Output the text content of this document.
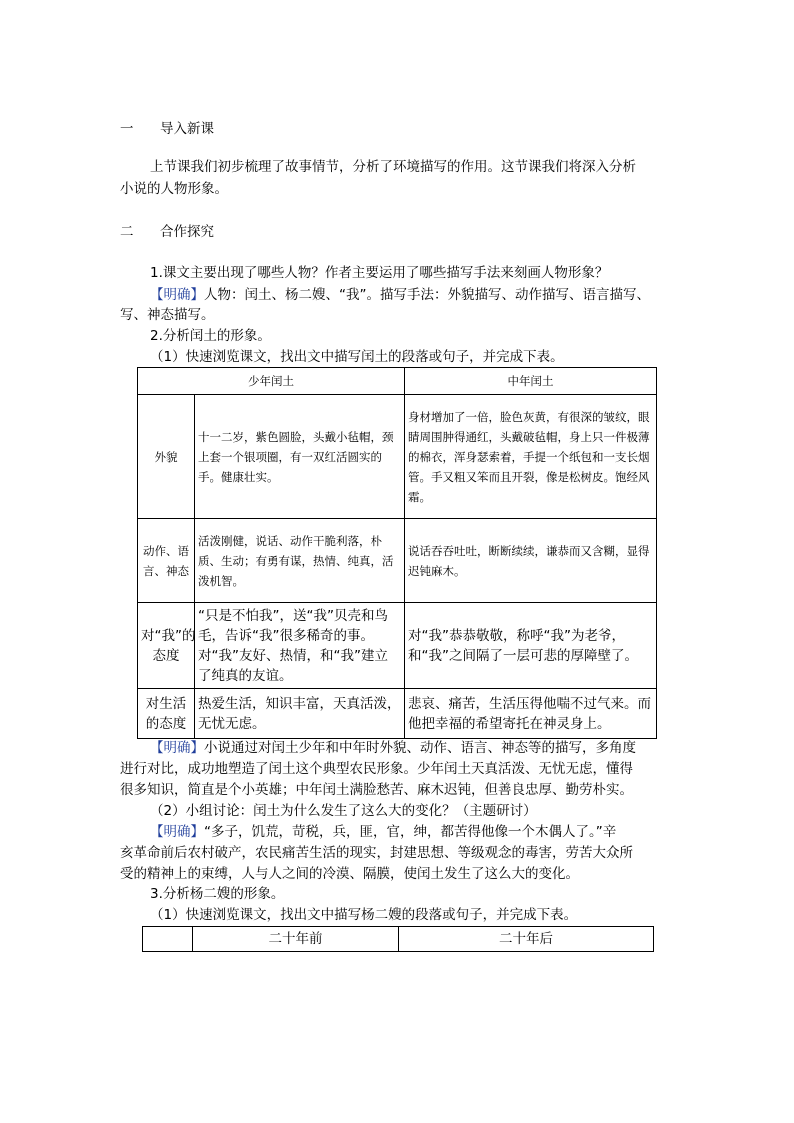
一 导入新课
上节课我们初步梳理了故事情节，分析了环境描写的作用。这节课我们将深入分析
小说的人物形象。
二 合作探究
1.课文主要出现了哪些人物？作者主要运用了哪些描写手法来刻画人物形象？
【明确】人物：闰土、杨二嫂、“我”。描写手法：外貌描写、动作描写、语言描写、
写、神态描写。
2.分析闰土的形象。
（1）快速浏览课文，找出文中描写闰土的段落或句子，并完成下表。
少年闰土		中年闰土
外貌	十一二岁，紫色圆脸，头戴小毡帽，颈上套一个银项圈，有一双红活圆实的手。健康壮实。	身材增加了一倍，脸色灰黄，有很深的皱纹，眼睛周围肿得通红，头戴破毡帽，身上只一件极薄的棉衣，浑身瑟索着，手提一个纸包和一支长烟管。手又粗又笨而且开裂，像是松树皮。饱经风霜。
动作、语言、神态	活泼刚健，说话、动作干脆利落，朴质、生动；有勇有谋，热情、纯真，活泼机智。	说话吞吞吐吐，断断续续，谦恭而又含糊，显得迟钝麻木。
对“我”的态度	“只是不怕我”，送“我”贝壳和鸟毛，告诉“我”很多稀奇的事。对“我”友好、热情，和“我”建立了纯真的友谊。	对“我”恭恭敬敬，称呼“我”为老爷，和“我”之间隔了一层可悲的厚障壁了。
对生活的态度	热爱生活，知识丰富，天真活泼，无忧无虑。	悲哀、痛苦，生活压得他喘不过气来。而他把幸福的希望寄托在神灵身上。
【明确】小说通过对闰土少年和中年时外貌、动作、语言、神态等的描写，多角度
进行对比，成功地塑造了闰土这个典型农民形象。少年闰土天真活泼、无忧无虑，懂得
很多知识，简直是个小英雄；中年闰土满脸愁苦、麻木迟钝，但善良忠厚、勤劳朴实。
（2）小组讨论：闰土为什么发生了这么大的变化？（主题研讨）
【明确】“多子，饥荒，苛税，兵，匪，官，绅，都苦得他像一个木偶人了。”辛
亥革命前后农村破产，农民痛苦生活的现实，封建思想、等级观念的毒害，劳苦大众所
受的精神上的束缚，人与人之间的冷漠、隔膜，使闰土发生了这么大的变化。
3.分析杨二嫂的形象。
（1）快速浏览课文，找出文中描写杨二嫂的段落或句子，并完成下表。
	二十年前	二十年后
